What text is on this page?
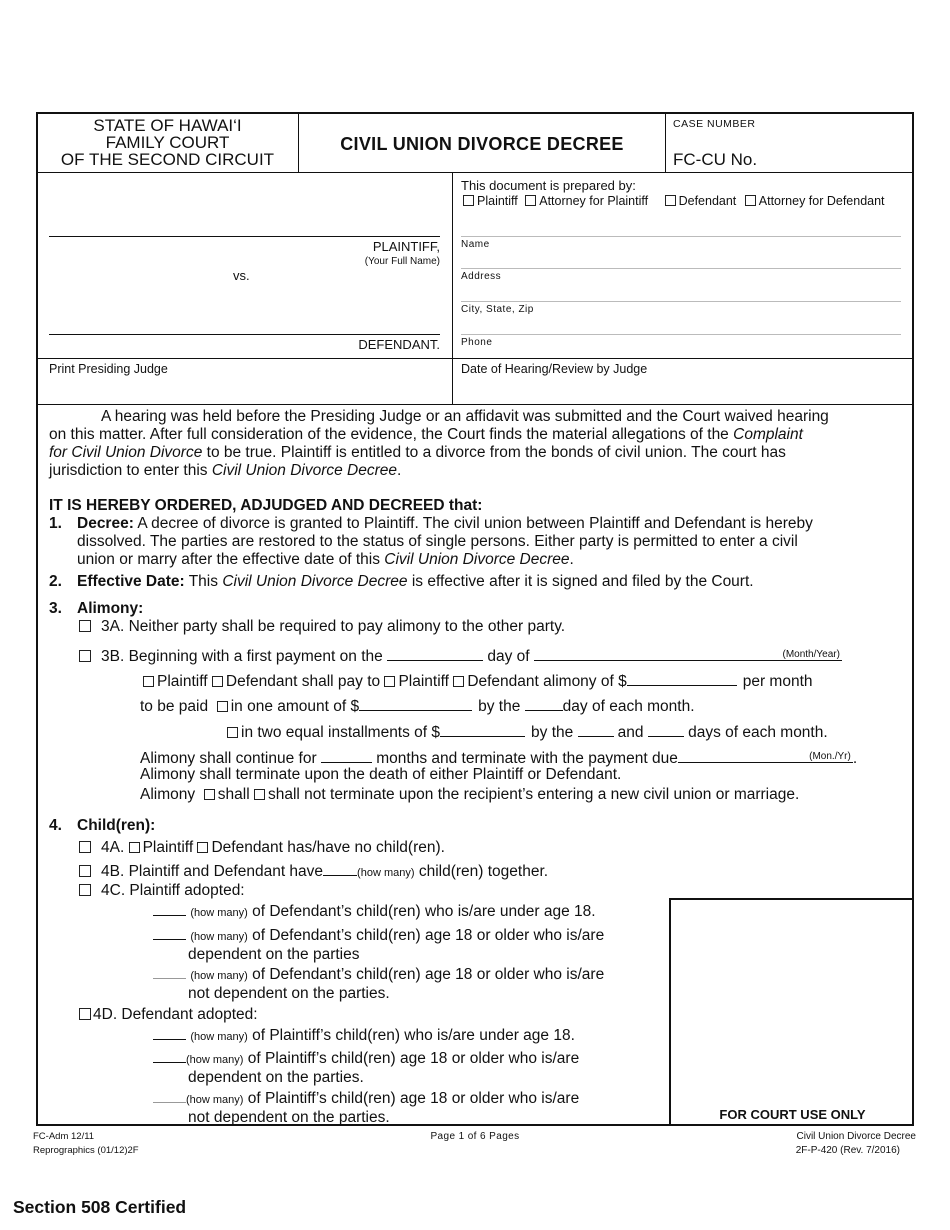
STATE OF HAWAI‘I
FAMILY COURT
OF THE SECOND CIRCUIT
CIVIL UNION DIVORCE DECREE
CASE NUMBER
FC-CU No.
PLAINTIFF,
(Your Full Name)
vs.
DEFENDANT.
This document is prepared by:
Plaintiff Attorney for Plaintiff Defendant Attorney for Defendant
Name
Address
City, State, Zip
Phone
Print Presiding Judge	Date of Hearing/Review by Judge
A hearing was held before the Presiding Judge or an affidavit was submitted and the Court waived hearing
on this matter. After full consideration of the evidence, the Court finds the material allegations of the Complaint
for Civil Union Divorce to be true. Plaintiff is entitled to a divorce from the bonds of civil union. The court has
jurisdiction to enter this Civil Union Divorce Decree.
IT IS HEREBY ORDERED, ADJUDGED AND DECREED that:
1. Decree: A decree of divorce is granted to Plaintiff. The civil union between Plaintiff and Defendant is hereby
dissolved. The parties are restored to the status of single persons. Either party is permitted to enter a civil
union or marry after the effective date of this Civil Union Divorce Decree.
2. Effective Date: This Civil Union Divorce Decree is effective after it is signed and filed by the Court.
3. Alimony:
3A. Neither party shall be required to pay alimony to the other party.
3B. Beginning with a first payment on the	day of	(Month/Year)
Plaintiff Defendant shall pay to Plaintiff Defendant alimony of $	per month
to be paid in one amount of $	by the	day of each month.
in two equal installments of $	by the	and	days of each month.
Alimony shall continue for	months and terminate with the payment due	(Mon./Yr) .
Alimony shall terminate upon the death of either Plaintiff or Defendant.
Alimony shall shall not terminate upon the recipient’s entering a new civil union or marriage.
4. Child(ren):
4A. Plaintiff Defendant has/have no child(ren).
4B. Plaintiff and Defendant have	(how many) child(ren) together.
4C. Plaintiff adopted:
(how many) of Defendant’s child(ren) who is/are under age 18.
(how many) of Defendant’s child(ren) age 18 or older who is/are
dependent on the parties
(how many) of Defendant’s child(ren) age 18 or older who is/are
not dependent on the parties.
4D. Defendant adopted:
(how many) of Plaintiff’s child(ren) who is/are under age 18.
(how many) of Plaintiff’s child(ren) age 18 or older who is/are
dependent on the parties.
(how many) of Plaintiff’s child(ren) age 18 or older who is/are
not dependent on the parties.	FOR COURT USE ONLY
FC-Adm 12/11
Reprographics (01/12)2F
Page 1 of 6 Pages	Civil Union Divorce Decree
2F-P-420 (Rev. 7/2016)
Section 508 Certified
